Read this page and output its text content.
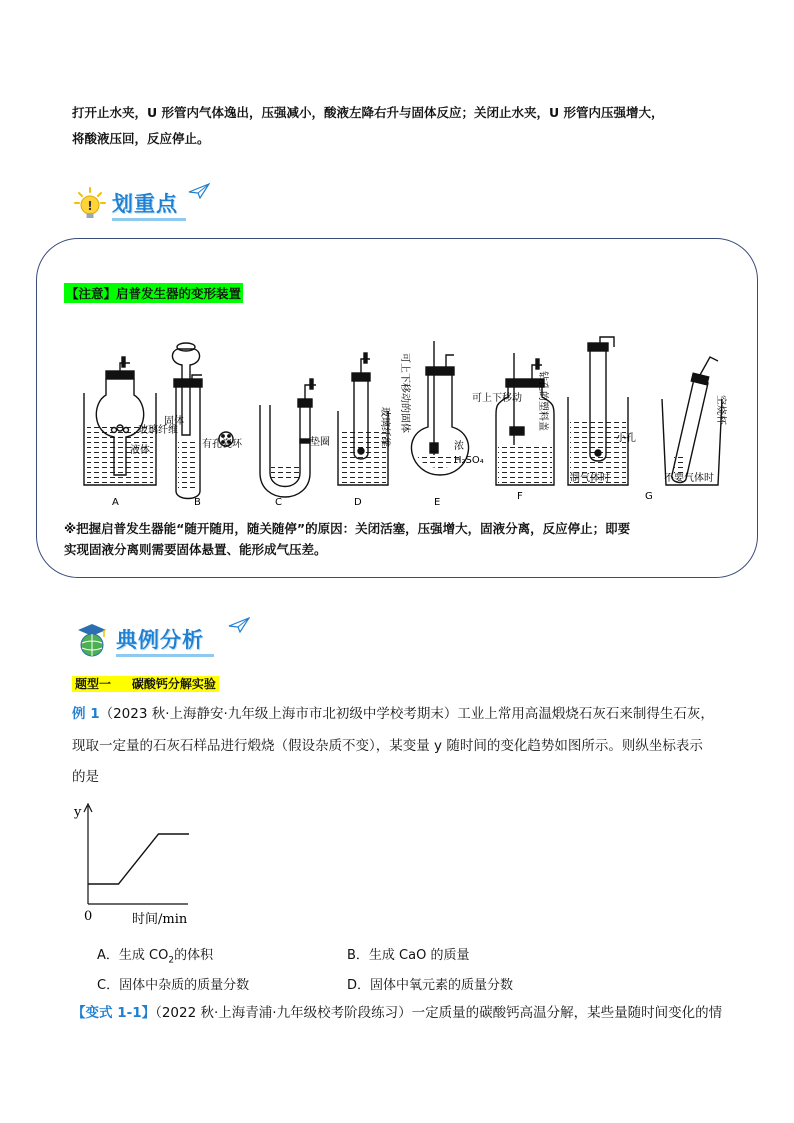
打开止水夹，U 形管内气体逸出，压强减小，酸液左降右升与固体反应；关闭止水夹，U 形管内压强增大，
将酸液压回，反应停止。
! 划重点
【注意】启普发生器的变形装置
玻璃纤维
液体
固体
有孔瓷环	垫圈	玻璃纤维 可上下移动的固体
浓
H₂SO₄
可上下移动 钻孔的塑料盖
小孔
制气体时
空烧杯
不要气体时
A	B	C	D	E
F	G
※把握启普发生器能“随开随用，随关随停”的原因：关闭活塞，压强增大，固液分离，反应停止；即要
实现固液分离则需要固体悬置、能形成气压差。
典例分析
题型一 碳酸钙分解实验
例 1（2023 秋·上海静安·九年级上海市市北初级中学校考期末）工业上常用高温煅烧石灰石来制得生石灰，
现取一定量的石灰石样品进行煅烧（假设杂质不变），某变量 y 随时间的变化趋势如图所示。则纵坐标表示
的是
y
0	时间/min
A．生成 $CO_2$的体积	B．生成 CaO 的质量
C．固体中杂质的质量分数	D．固体中氧元素的质量分数
【变式 1-1】（2022 秋·上海青浦·九年级校考阶段练习）一定质量的碳酸钙高温分解，某些量随时间变化的情
